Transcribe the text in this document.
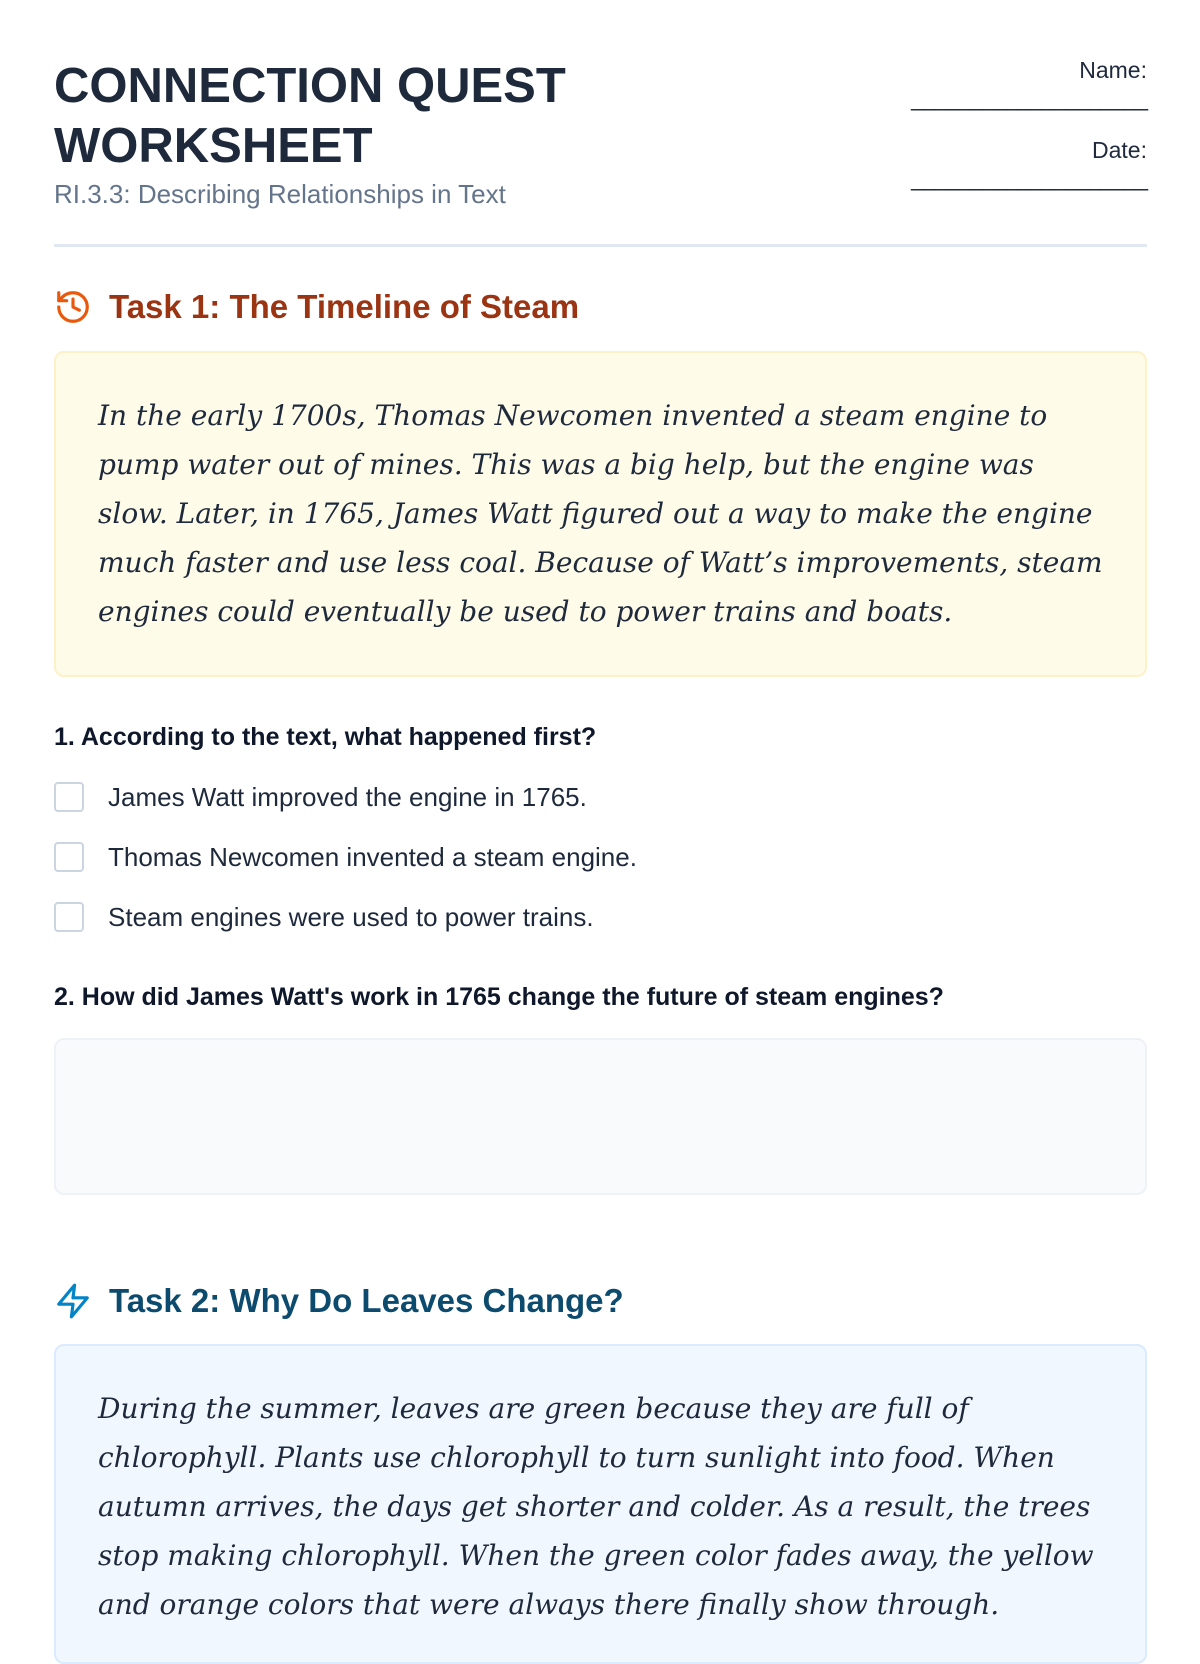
CONNECTION QUEST
WORKSHEET
RI.3.3: Describing Relationships in Text
Name:
____________________
Date:
____________________
Task 1: The Timeline of Steam

In the early 1700s, Thomas Newcomen invented a steam engine to pump water out of mines. This was a big help, but the engine was slow. Later, in 1765, James Watt figured out a way to make the engine much faster and use less coal. Because of Watt’s improvements, steam engines could eventually be used to power trains and boats.

1. According to the text, what happened first?

James Watt improved the engine in 1765.
Thomas Newcomen invented a steam engine.
Steam engines were used to power trains.

2. How did James Watt's work in 1765 change the future of steam engines?

Task 2: Why Do Leaves Change?

During the summer, leaves are green because they are full of chlorophyll. Plants use chlorophyll to turn sunlight into food. When autumn arrives, the days get shorter and colder. As a result, the trees stop making chlorophyll. When the green color fades away, the yellow and orange colors that were always there finally show through.
